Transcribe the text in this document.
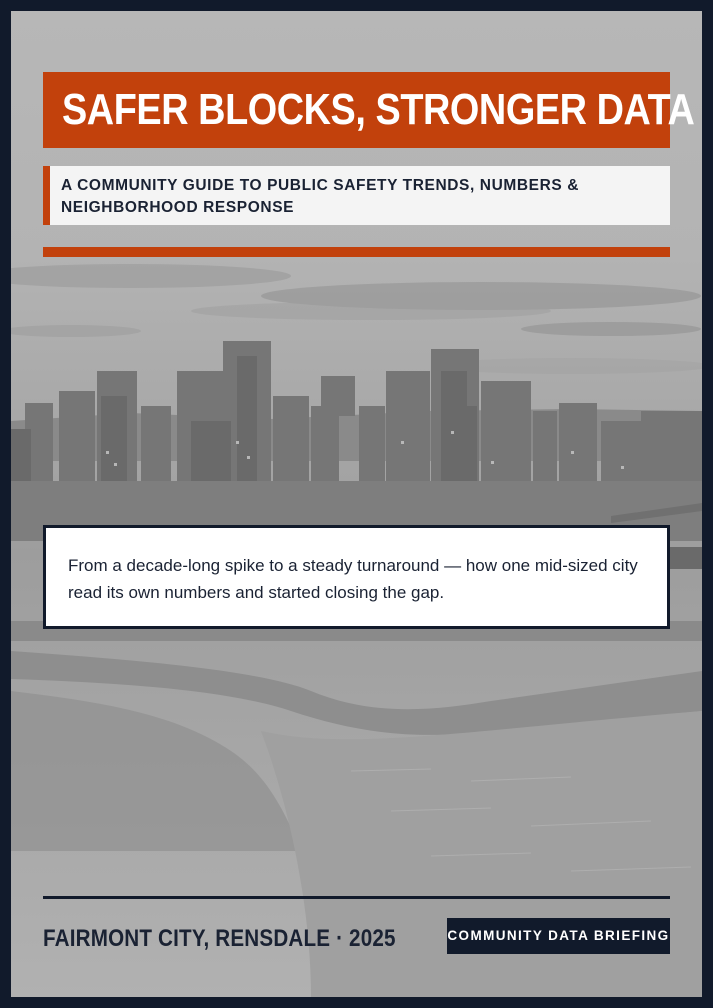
SAFER BLOCKS, STRONGER DATA

A COMMUNITY GUIDE TO PUBLIC SAFETY TRENDS, NUMBERS & NEIGHBORHOOD RESPONSE

From a decade-long spike to a steady turnaround — how one mid-sized city read its own numbers and started closing the gap.

FAIRMONT CITY, RENSDALE · 2025	COMMUNITY DATA BRIEFING
